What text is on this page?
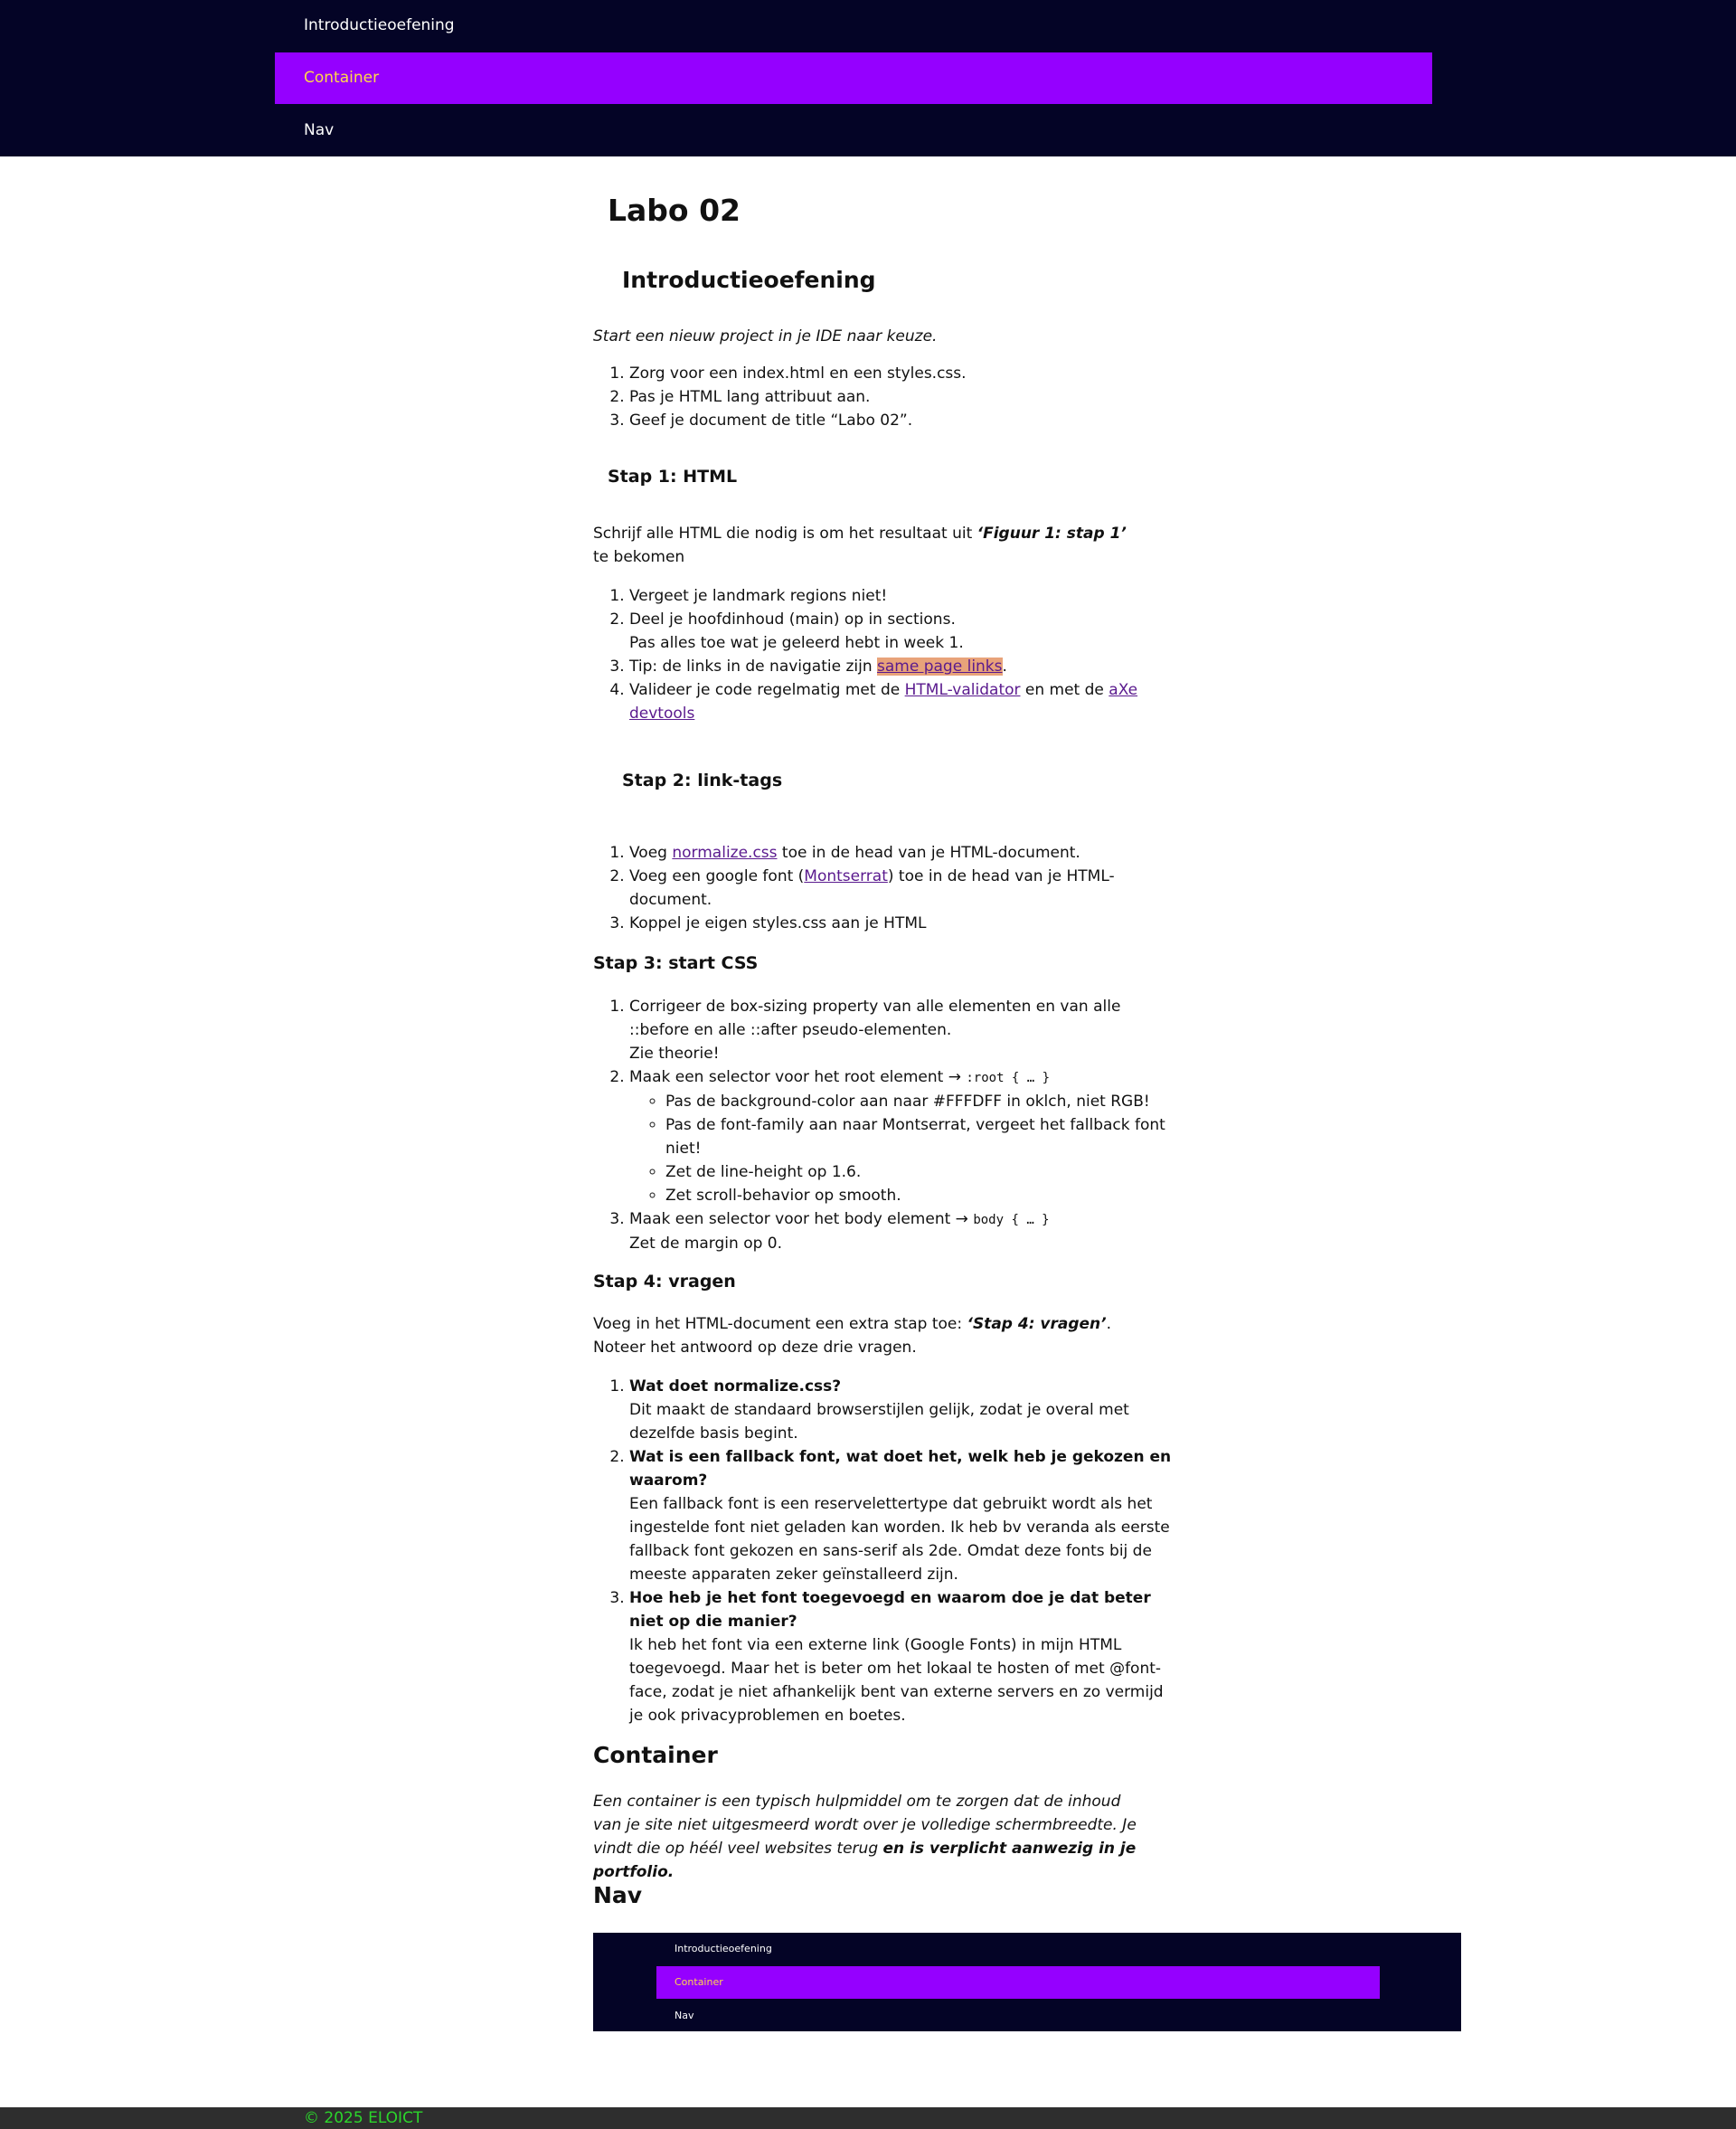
Introductieoefening
Container
Nav
Labo 02
Introductieoefening

Start een nieuw project in je IDE naar keuze.

1. Zorg voor een index.html en een styles.css.
2. Pas je HTML lang attribuut aan.
3. Geef je document de title “Labo 02”.
Stap 1: HTML

Schrijf alle HTML die nodig is om het resultaat uit ‘Figuur 1: stap 1’ te bekomen

1. Vergeet je landmark regions niet!
2. Deel je hoofdinhoud (main) op in sections.
Pas alles toe wat je geleerd hebt in week 1.
3. Tip: de links in de navigatie zijn same page links.
4. Valideer je code regelmatig met de HTML-validator en met de aXe devtools
Stap 2: link-tags
1. Voeg normalize.css toe in de head van je HTML-document.
2. Voeg een google font (Montserrat) toe in de head van je HTML-document.
3. Koppel je eigen styles.css aan je HTML
Stap 3: start CSS
1. Corrigeer de box-sizing property van alle elementen en van alle ::before en alle ::after pseudo-elementen.
Zie theorie!
2. Maak een selector voor het root element → :root { … }
◦ Pas de background-color aan naar #FFFDFF in oklch, niet RGB!
◦ Pas de font-family aan naar Montserrat, vergeet het fallback font niet!
◦ Zet de line-height op 1.6.
◦ Zet scroll-behavior op smooth.
3. Maak een selector voor het body element → body { … }
Zet de margin op 0.
Stap 4: vragen

Voeg in het HTML-document een extra stap toe: ‘Stap 4: vragen’. Noteer het antwoord op deze drie vragen.

1. Wat doet normalize.css?
Dit maakt de standaard browserstijlen gelijk, zodat je overal met dezelfde basis begint.
2. Wat is een fallback font, wat doet het, welk heb je gekozen en waarom?
Een fallback font is een reservelettertype dat gebruikt wordt als het ingestelde font niet geladen kan worden. Ik heb bv veranda als eerste fallback font gekozen en sans-serif als 2de. Omdat deze fonts bij de meeste apparaten zeker geïnstalleerd zijn.
3. Hoe heb je het font toegevoegd en waarom doe je dat beter niet op die manier?
Ik heb het font via een externe link (Google Fonts) in mijn HTML toegevoegd. Maar het is beter om het lokaal te hosten of met @font-face, zodat je niet afhankelijk bent van externe servers en zo vermijd je ook privacyproblemen en boetes.
Container

Een container is een typisch hulpmiddel om te zorgen dat de inhoud van je site niet uitgesmeerd wordt over je volledige schermbreedte. Je vindt die op héél veel websites terug en is verplicht aanwezig in je portfolio.

Nav
Introductieoefening
Container
Nav
© 2025 ELOICT
